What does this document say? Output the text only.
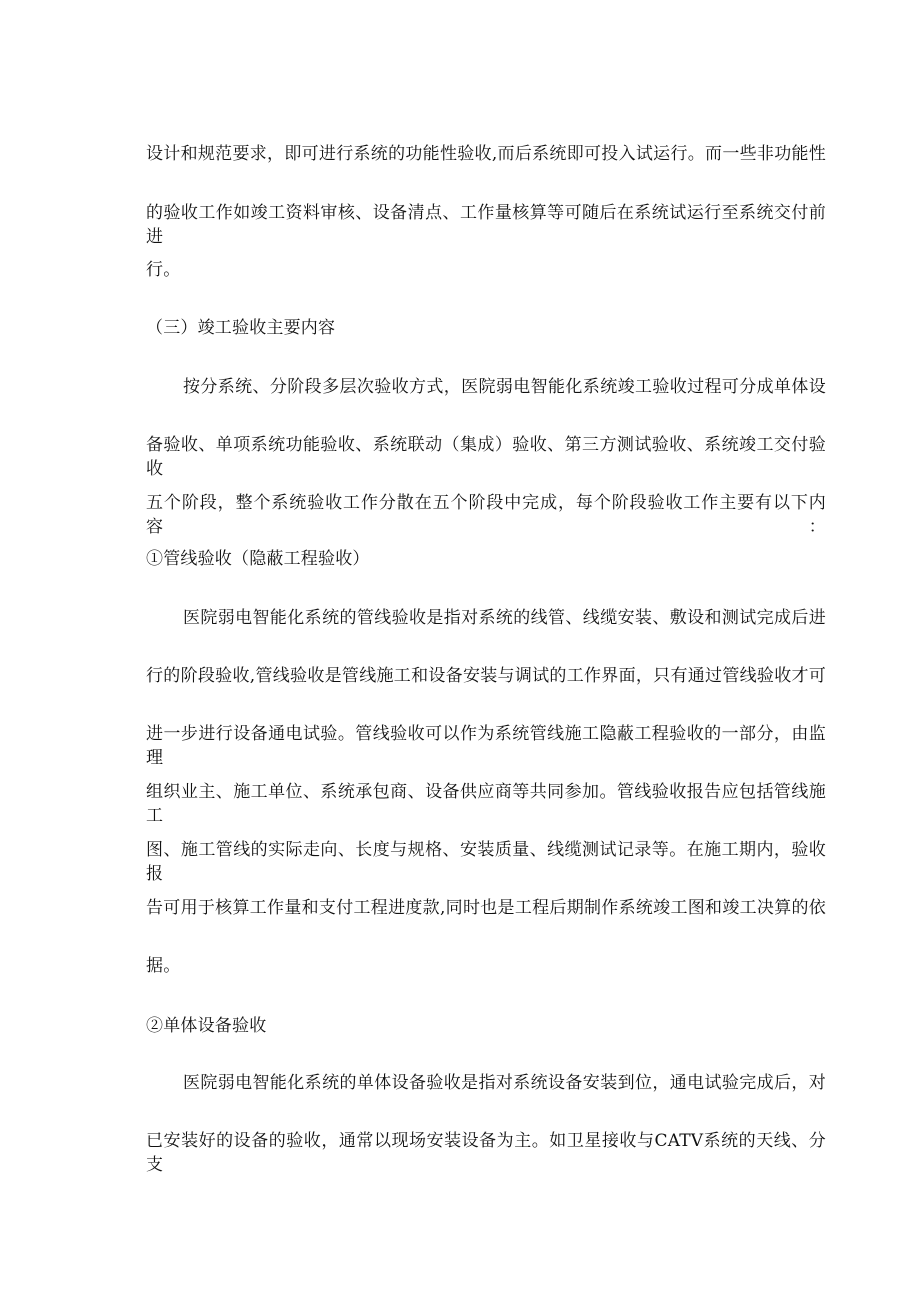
设计和规范要求，即可进行系统的功能性验收,而后系统即可投入试运行。而一些非功能性
的验收工作如竣工资料审核、设备清点、工作量核算等可随后在系统试运行至系统交付前进
行。
（三）竣工验收主要内容
按分系统、分阶段多层次验收方式，医院弱电智能化系统竣工验收过程可分成单体设
备验收、单项系统功能验收、系统联动（集成）验收、第三方测试验收、系统竣工交付验收
五个阶段，整个系统验收工作分散在五个阶段中完成，每个阶段验收工作主要有以下内容：
①管线验收（隐蔽工程验收）
医院弱电智能化系统的管线验收是指对系统的线管、线缆安装、敷设和测试完成后进
行的阶段验收,管线验收是管线施工和设备安装与调试的工作界面，只有通过管线验收才可
进一步进行设备通电试验。管线验收可以作为系统管线施工隐蔽工程验收的一部分，由监理
组织业主、施工单位、系统承包商、设备供应商等共同参加。管线验收报告应包括管线施工
图、施工管线的实际走向、长度与规格、安装质量、线缆测试记录等。在施工期内，验收报
告可用于核算工作量和支付工程进度款,同时也是工程后期制作系统竣工图和竣工决算的依
据。
②单体设备验收
医院弱电智能化系统的单体设备验收是指对系统设备安装到位，通电试验完成后，对
已安装好的设备的验收，通常以现场安装设备为主。如卫星接收与CATV系统的天线、分支
